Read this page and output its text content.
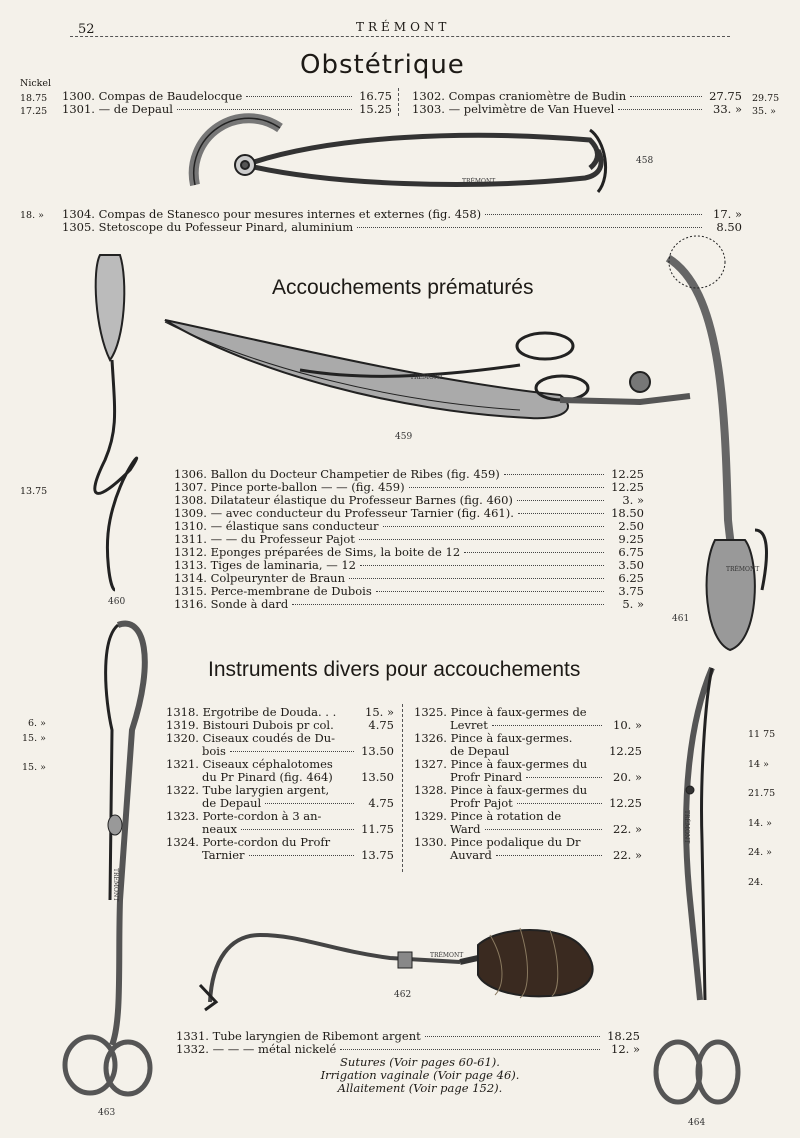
52	TRÉMONT
Obstétrique
Nickel
18.75
17.25
1300. Compas de Baudelocque	16.75
1301. — de Depaul	15.25
1302. Compas craniomètre de Budin	27.75
1303. — pelvimètre de Van Huevel	33. »
29.75
35. »
TRÉMONT
458
18. » 1304. Compas de Stanesco pour mesures internes et externes (fig. 458)	17. »
1305. Stetoscope du Pofesseur Pinard, aluminium	8.50
Accouchements prématurés
TRÉMONT
459
460
TRÉMONT
461
13.75
1306. Ballon du Docteur Champetier de Ribes (fig. 459)	12.25
1307. Pince porte-ballon — — (fig. 459)	12.25
1308. Dilatateur élastique du Professeur Barnes (fig. 460)	3. »
1309. — avec conducteur du Professeur Tarnier (fig. 461).	18.50
1310. — élastique sans conducteur	2.50
1311. — — du Professeur Pajot	9.25
1312. Eponges préparées de Sims, la boite de 12	6.75
1313. Tiges de laminaria, — 12	3.50
1314. Colpeurynter de Braun	6.25
1315. Perce-membrane de Dubois	3.75
1316. Sonde à dard	5. »
Instruments divers pour accouchements
TRÉMONT
463
TRÉMONT
464
6. »
15. »
15. »
1318. Ergotribe de Douda. . .	15. »
1319. Bistouri Dubois pr col.	4.75
1320. Ciseaux coudés de Du-
bois	13.50
1321. Ciseaux céphalotomes
du Pr Pinard (fig. 464) 13.50
1322. Tube larygien argent,
de Depaul	4.75
1323. Porte-cordon à 3 an-
neaux	11.75
1324. Porte-cordon du Profr
Tarnier	13.75
1325. Pince à faux-germes de
Levret	10. »
1326. Pince à faux-germes.
de Depaul	12.25
1327. Pince à faux-germes du
Profr Pinard	20. »
1328. Pince à faux-germes du
Profr Pajot	12.25
1329. Pince à rotation de
Ward	22. »
1330. Pince podalique du Dr
Auvard	22. »
11 75
14 »
21.75
14. »
24. »
24.
TRÉMONT
462
1331. Tube laryngien de Ribemont argent	18.25
1332. — — — métal nickelé	12. »
Sutures (Voir pages 60-61).
Irrigation vaginale (Voir page 46).
Allaitement (Voir page 152).
